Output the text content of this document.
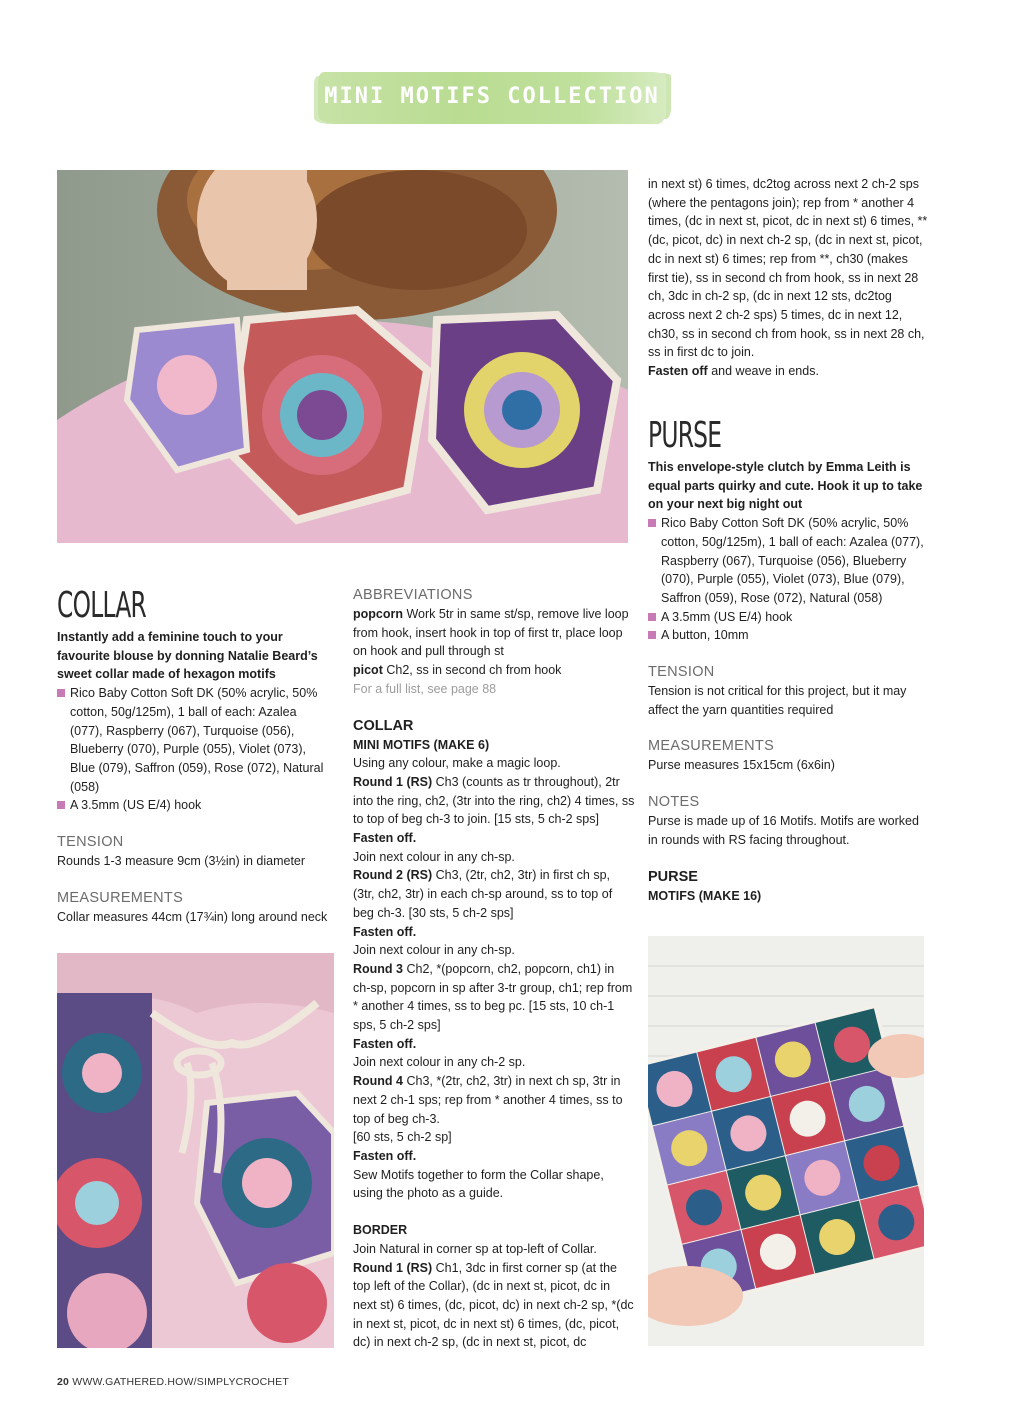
MINI MOTIFS COLLECTION

COLLAR

Instantly add a feminine touch to your favourite blouse by donning Natalie Beard’s sweet collar made of hexagon motifs

Rico Baby Cotton Soft DK (50% acrylic, 50% cotton, 50g/125m), 1 ball of each: Azalea (077), Raspberry (067), Turquoise (056), Blueberry (070), Purple (055), Violet (073), Blue (079), Saffron (059), Rose (072), Natural (058)

A 3.5mm (US E/4) hook

TENSION

Rounds 1-3 measure 9cm (3½in) in diameter

MEASUREMENTS

Collar measures 44cm (17¾in) long around neck

ABBREVIATIONS

popcorn Work 5tr in same st/sp, remove live loop from hook, insert hook in top of first tr, place loop on hook and pull through st

picot Ch2, ss in second ch from hook

For a full list, see page 88

COLLAR

MINI MOTIFS (MAKE 6)

Using any colour, make a magic loop.

Round 1 (RS) Ch3 (counts as tr throughout), 2tr into the ring, ch2, (3tr into the ring, ch2) 4 times, ss to top of beg ch-3 to join. [15 sts, 5 ch-2 sps]

Fasten off.

Join next colour in any ch-sp.

Round 2 (RS) Ch3, (2tr, ch2, 3tr) in first ch sp, (3tr, ch2, 3tr) in each ch-sp around, ss to top of beg ch-3. [30 sts, 5 ch-2 sps]

Fasten off.

Join next colour in any ch-sp.

Round 3 Ch2, *(popcorn, ch2, popcorn, ch1) in ch-sp, popcorn in sp after 3-tr group, ch1; rep from * another 4 times, ss to beg pc. [15 sts, 10 ch-1 sps, 5 ch-2 sps]

Fasten off.

Join next colour in any ch-2 sp.

Round 4 Ch3, *(2tr, ch2, 3tr) in next ch sp, 3tr in next 2 ch-1 sps; rep from * another 4 times, ss to top of beg ch-3.

[60 sts, 5 ch-2 sp]

Fasten off.

Sew Motifs together to form the Collar shape, using the photo as a guide.

BORDER

Join Natural in corner sp at top-left of Collar.

Round 1 (RS) Ch1, 3dc in first corner sp (at the top left of the Collar), (dc in next st, picot, dc in next st) 6 times, (dc, picot, dc) in next ch-2 sp, *(dc in next st, picot, dc in next st) 6 times, (dc, picot, dc) in next ch-2 sp, (dc in next st, picot, dc

in next st) 6 times, dc2tog across next 2 ch-2 sps (where the pentagons join); rep from * another 4 times, (dc in next st, picot, dc in next st) 6 times, **(dc, picot, dc) in next ch-2 sp, (dc in next st, picot, dc in next st) 6 times; rep from **, ch30 (makes first tie), ss in second ch from hook, ss in next 28 ch, 3dc in ch-2 sp, (dc in next 12 sts, dc2tog across next 2 ch-2 sps) 5 times, dc in next 12, ch30, ss in second ch from hook, ss in next 28 ch, ss in first dc to join.

Fasten off and weave in ends.

PURSE

This envelope-style clutch by Emma Leith is equal parts quirky and cute. Hook it up to take on your next big night out

Rico Baby Cotton Soft DK (50% acrylic, 50% cotton, 50g/125m), 1 ball of each: Azalea (077), Raspberry (067), Turquoise (056), Blueberry (070), Purple (055), Violet (073), Blue (079), Saffron (059), Rose (072), Natural (058)

A 3.5mm (US E/4) hook

A button, 10mm

TENSION

Tension is not critical for this project, but it may affect the yarn quantities required

MEASUREMENTS

Purse measures 15x15cm (6x6in)

NOTES

Purse is made up of 16 Motifs. Motifs are worked in rounds with RS facing throughout.

PURSE

MOTIFS (MAKE 16)

20 WWW.GATHERED.HOW/SIMPLYCROCHET
